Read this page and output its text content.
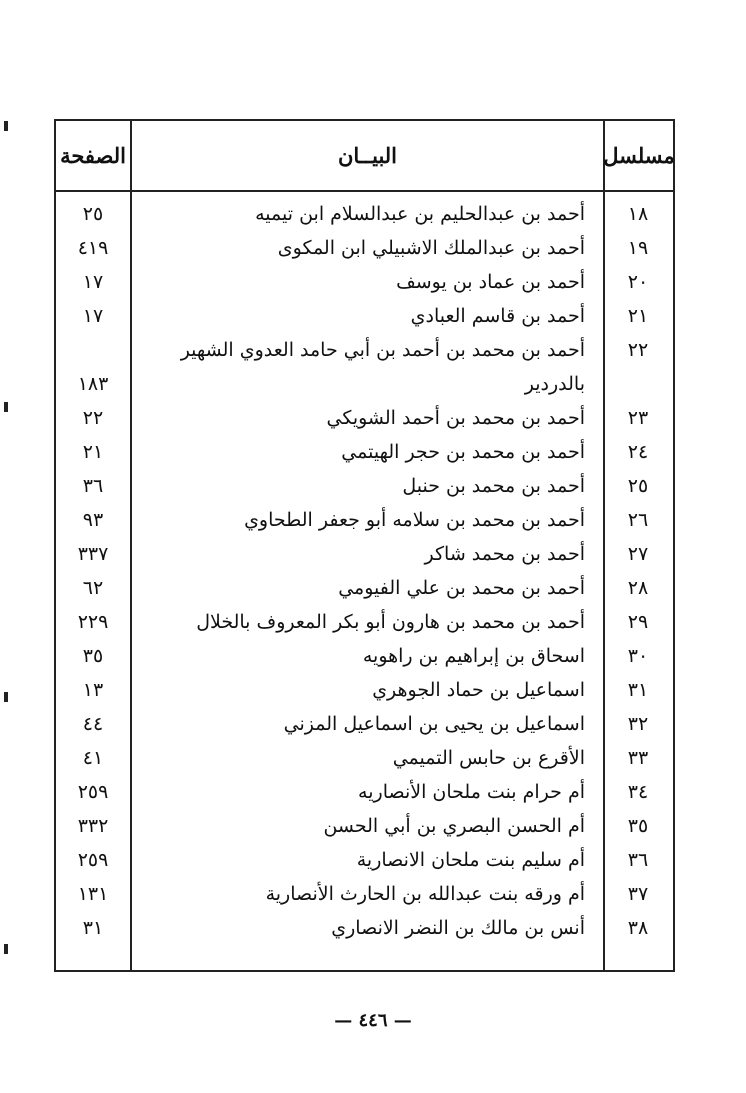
مسلسل
البيــان
الصفحة
١٨
أحمد بن عبدالحليم بن عبدالسلام ابن تيميه
٢٥
١٩
أحمد بن عبدالملك الاشبيلي ابن المكوى
٤١٩
٢٠
أحمد بن عماد بن يوسف
١٧
٢١
أحمد بن قاسم العبادي
١٧
٢٢
أحمد بن محمد بن أحمد بن أبي حامد العدوي الشهير بالدردير
١٨٣
٢٣
أحمد بن محمد بن أحمد الشويكي
٢٢
٢٤
أحمد بن محمد بن حجر الهيتمي
٢١
٢٥
أحمد بن محمد بن حنبل
٣٦
٢٦
أحمد بن محمد بن سلامه أبو جعفر الطحاوي
٩٣
٢٧
أحمد بن محمد شاكر
٣٣٧
٢٨
أحمد بن محمد بن علي الفيومي
٦٢
٢٩
أحمد بن محمد بن هارون أبو بكر المعروف بالخلال
٢٢٩
٣٠
اسحاق بن إبراهيم بن راهويه
٣٥
٣١
اسماعيل بن حماد الجوهري
١٣
٣٢
اسماعيل بن يحيى بن اسماعيل المزني
٤٤
٣٣
الأقرع بن حابس التميمي
٤١
٣٤
أم حرام بنت ملحان الأنصاريه
٢٥٩
٣٥
أم الحسن البصري بن أبي الحسن
٣٣٢
٣٦
أم سليم بنت ملحان الانصارية
٢٥٩
٣٧
أم ورقه بنت عبدالله بن الحارث الأنصارية
١٣١
٣٨
أنس بن مالك بن النضر الانصاري
٣١
— ٤٤٦ —
